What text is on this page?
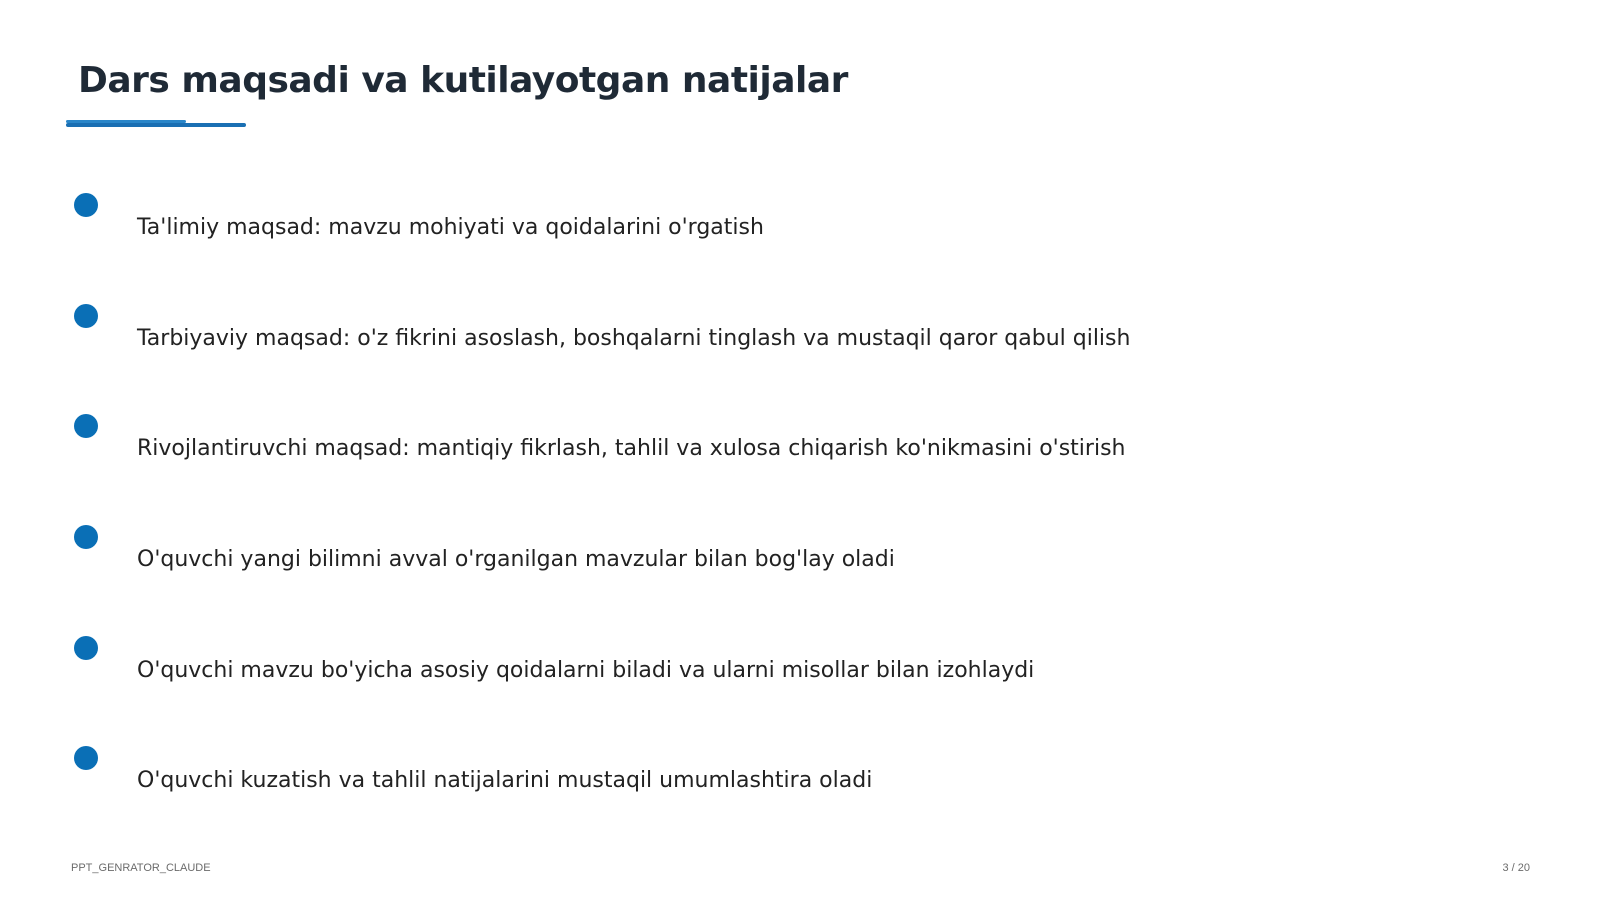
Dars maqsadi va kutilayotgan natijalar
Ta'limiy maqsad: mavzu mohiyati va qoidalarini o'rgatish
Tarbiyaviy maqsad: o'z fikrini asoslash, boshqalarni tinglash va mustaqil qaror qabul qilish
Rivojlantiruvchi maqsad: mantiqiy fikrlash, tahlil va xulosa chiqarish ko'nikmasini o'stirish
O'quvchi yangi bilimni avval o'rganilgan mavzular bilan bog'lay oladi
O'quvchi mavzu bo'yicha asosiy qoidalarni biladi va ularni misollar bilan izohlaydi
O'quvchi kuzatish va tahlil natijalarini mustaqil umumlashtira oladi
PPT_GENRATOR_CLAUDE	3 / 20
